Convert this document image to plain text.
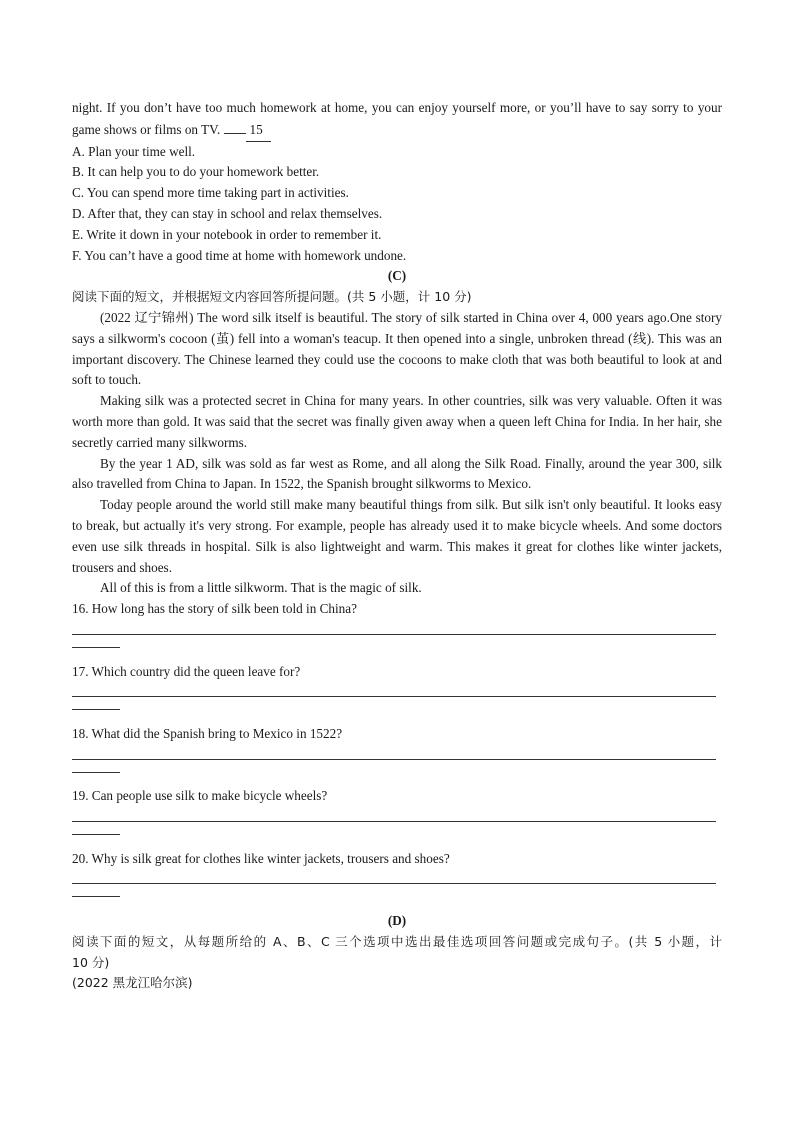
night. If you don’t have too much homework at home, you can enjoy yourself more, or you’ll have to say sorry to your

game shows or films on TV. 15

A. Plan your time well.

B. It can help you to do your homework better.

C. You can spend more time taking part in activities.

D. After that, they can stay in school and relax themselves.

E. Write it down in your notebook in order to remember it.

F. You can’t have a good time at home with homework undone.

(C)

阅读下面的短文，并根据短文内容回答所提问题。(共 5 小题，计 10 分)

(2022 辽宁锦州) The word silk itself is beautiful. The story of silk started in China over 4, 000 years ago.One story says a silkworm's cocoon (茧) fell into a woman's teacup. It then opened into a single, unbroken thread (线). This was an important discovery. The Chinese learned they could use the cocoons to make cloth that was both beautiful to look at and soft to touch.

Making silk was a protected secret in China for many years. In other countries, silk was very valuable. Often it was worth more than gold. It was said that the secret was finally given away when a queen left China for India. In her hair, she secretly carried many silkworms.

By the year 1 AD, silk was sold as far west as Rome, and all along the Silk Road. Finally, around the year 300, silk also travelled from China to Japan. In 1522, the Spanish brought silkworms to Mexico.

Today people around the world still make many beautiful things from silk. But silk isn't only beautiful. It looks easy to break, but actually it's very strong. For example, people has already used it to make bicycle wheels. And some doctors even use silk threads in hospital. Silk is also lightweight and warm. This makes it great for clothes like winter jackets, trousers and shoes.

All of this is from a little silkworm. That is the magic of silk.

16. How long has the story of silk been told in China?

17. Which country did the queen leave for?

18. What did the Spanish bring to Mexico in 1522?

19. Can people use silk to make bicycle wheels?

20. Why is silk great for clothes like winter jackets, trousers and shoes?

(D)

阅读下面的短文，从每题所给的 A、B、C 三个选项中选出最佳选项回答问题或完成句子。(共 5 小题，计

10 分)

(2022 黑龙江哈尔滨)
